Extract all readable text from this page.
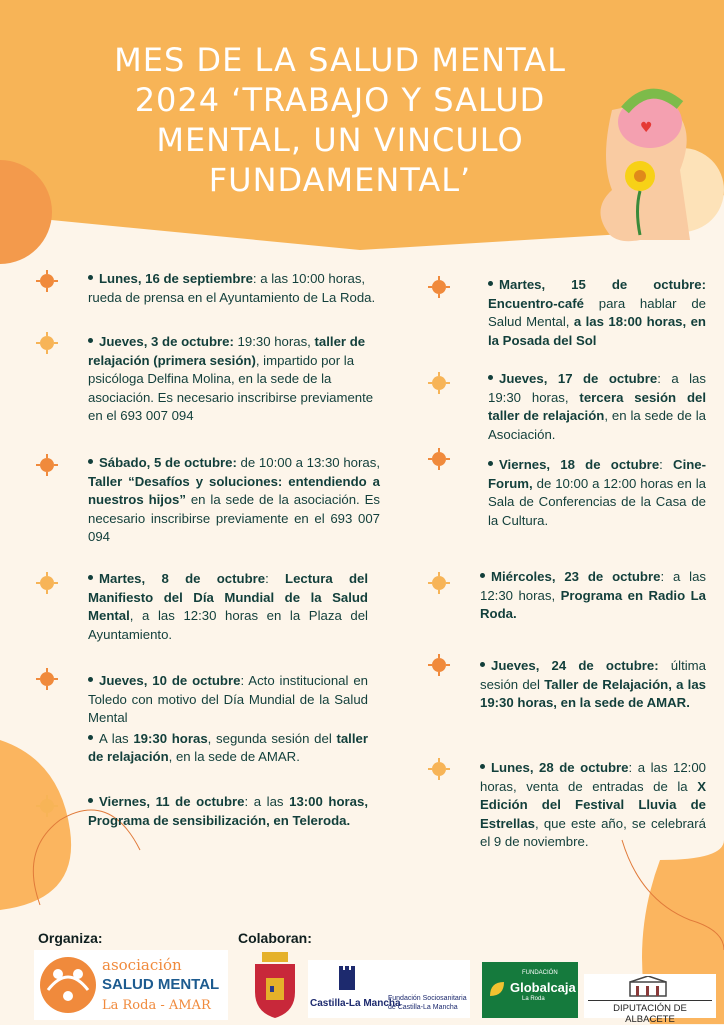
♥
MES DE LA SALUD MENTAL
2024 ‘TRABAJO Y SALUD
MENTAL, UN VINCULO
FUNDAMENTAL’
Lunes, 16 de septiembre: a las 10:00 horas, rueda de prensa en el Ayuntamiento de La Roda.
Jueves, 3 de octubre: 19:30 horas, taller de relajación (primera sesión), impartido por la psicóloga Delfina Molina, en la sede de la asociación. Es necesario inscribirse previamente en el 693 007 094
Sábado, 5 de octubre: de 10:00 a 13:30 horas, Taller “Desafíos y soluciones: entendiendo a nuestros hijos” en la sede de la asociación. Es necesario inscribirse previamente en el 693 007 094
Martes, 8 de octubre: Lectura del Manifiesto del Día Mundial de la Salud Mental, a las 12:30 horas en la Plaza del Ayuntamiento.
Jueves, 10 de octubre: Acto institucional en Toledo con motivo del Día Mundial de la Salud Mental
A las 19:30 horas, segunda sesión del taller de relajación, en la sede de AMAR.
Viernes, 11 de octubre: a las 13:00 horas, Programa de sensibilización, en Teleroda.
Martes, 15 de octubre: Encuentro-café para hablar de Salud Mental, a las 18:00 horas, en la Posada del Sol
Jueves, 17 de octubre: a las 19:30 horas, tercera sesión del taller de relajación, en la sede de la Asociación.
Viernes, 18 de octubre: Cine-Forum, de 10:00 a 12:00 horas en la Sala de Conferencias de la Casa de la Cultura.
Miércoles, 23 de octubre: a las 12:30 horas, Programa en Radio La Roda.
Jueves, 24 de octubre: última sesión del Taller de Relajación, a las 19:30 horas, en la sede de AMAR.
Lunes, 28 de octubre: a las 12:00 horas, venta de entradas de la X Edición del Festival Lluvia de Estrellas, que este año, se celebrará el 9 de noviembre.
Organiza:	Colaboran:
asociación
SALUD MENTAL
La Roda - AMAR	Castilla-La Mancha
Fundación Sociosanitaria de Castilla-La Mancha
FUNDACIÓN
Globalcaja
La Roda
DIPUTACIÓN DE ALBACETE
